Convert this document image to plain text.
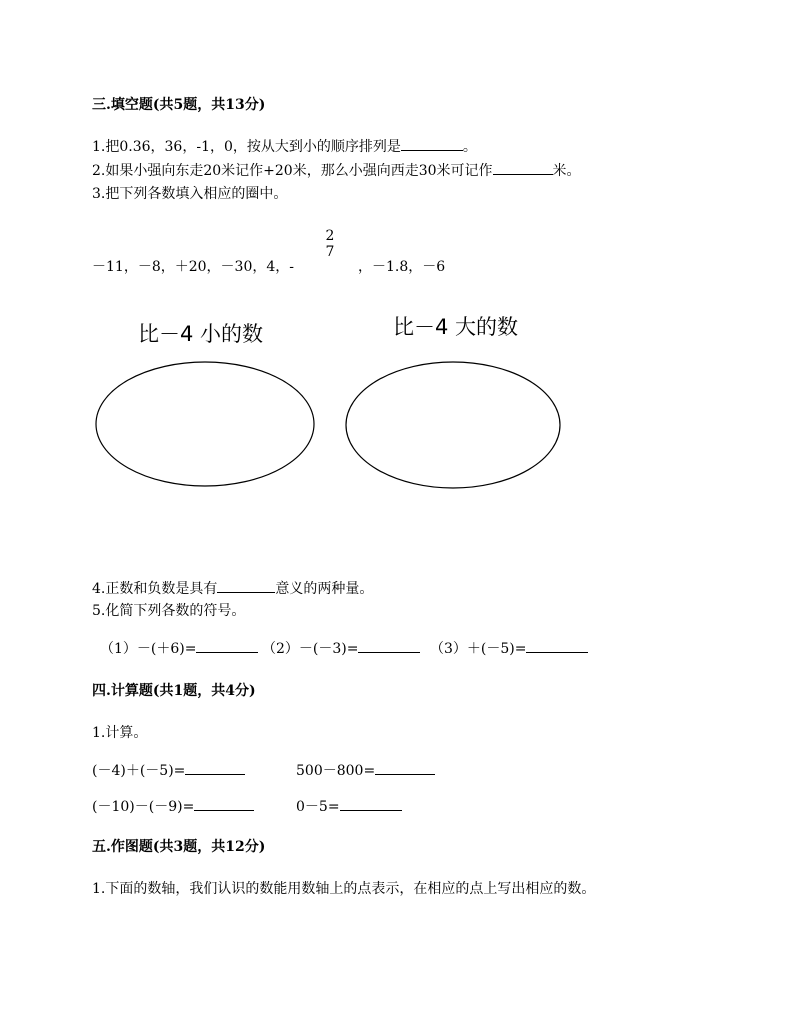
三.填空题(共5题，共13分)
1.把0.36，36，-1，0，按从大到小的顺序排列是	。
2.如果小强向东走20米记作+20米，那么小强向西走30米可记作	米。
3.把下列各数填入相应的圈中。
－11，－8，＋20，－30，4，-
2
7
，－1.8，－6
比－4 小的数	比－4 大的数
4.正数和负数是具有	意义的两种量。
5.化简下列各数的符号。
（1）－(＋6)=	（2）－(－3)=	（3）＋(－5)=
四.计算题(共1题，共4分)
1.计算。
(－4)＋(－5)=	500－800=
(－10)－(－9)=	0－5=
五.作图题(共3题，共12分)
1.下面的数轴，我们认识的数能用数轴上的点表示，在相应的点上写出相应的数。
